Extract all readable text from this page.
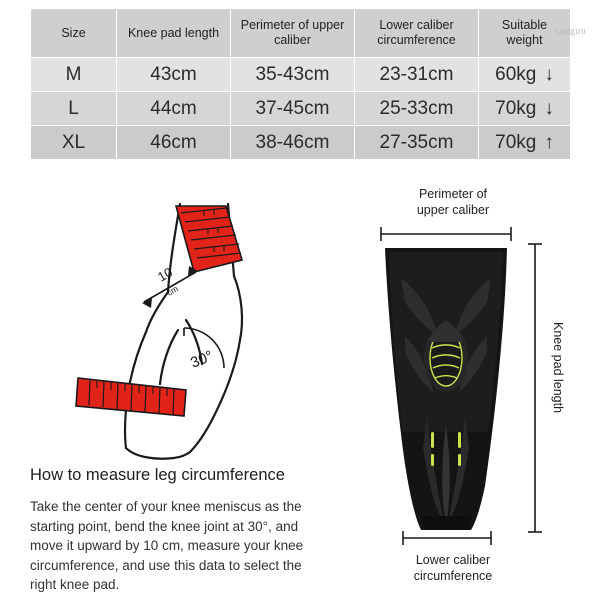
Size	Knee pad length	Perimeter of upper caliber	Lower caliber circumference	Suitable weight
M	43cm	35-43cm	23-31cm	60kg ↓
L	44cm	37-45cm	25-33cm	70kg ↓
XL	46cm	38-46cm	27-35cm	70kg ↑
sanguu
10
cm
30°
How to measure leg circumference
Take the center of your knee meniscus as the starting point, bend the knee joint at 30°, and move it upward by 10 cm, measure your knee circumference, and use this data to select the right knee pad.
Perimeter of
upper caliber
Lower caliber
circumference
Knee pad length
